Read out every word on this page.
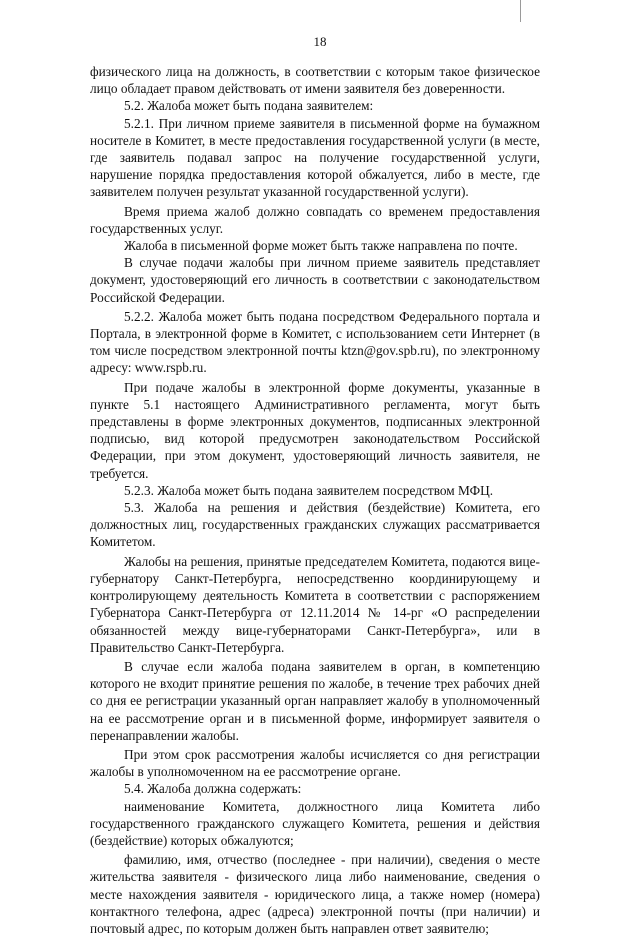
18

физического лица на должность, в соответствии с которым такое физическое лицо обладает правом действовать от имени заявителя без доверенности.

5.2. Жалоба может быть подана заявителем:

5.2.1. При личном приеме заявителя в письменной форме на бумажном носителе в Комитет, в месте предоставления государственной услуги (в месте, где заявитель подавал запрос на получение государственной услуги, нарушение порядка предоставления которой обжалуется, либо в месте, где заявителем получен результат указанной государственной услуги).

Время приема жалоб должно совпадать со временем предоставления государственных услуг.

Жалоба в письменной форме может быть также направлена по почте.

В случае подачи жалобы при личном приеме заявитель представляет документ, удостоверяющий его личность в соответствии с законодательством Российской Федерации.

5.2.2. Жалоба может быть подана посредством Федерального портала и Портала, в электронной форме в Комитет, с использованием сети Интернет (в том числе посредством электронной почты ktzn@gov.spb.ru), по электронному адресу: www.rspb.ru.

При подаче жалобы в электронной форме документы, указанные в пункте 5.1 настоящего Административного регламента, могут быть представлены в форме электронных документов, подписанных электронной подписью, вид которой предусмотрен законодательством Российской Федерации, при этом документ, удостоверяющий личность заявителя, не требуется.

5.2.3. Жалоба может быть подана заявителем посредством МФЦ.

5.3. Жалоба на решения и действия (бездействие) Комитета, его должностных лиц, государственных гражданских служащих рассматривается Комитетом.

Жалобы на решения, принятые председателем Комитета, подаются вице-губернатору Санкт-Петербурга, непосредственно координирующему и контролирующему деятельность Комитета в соответствии с распоряжением Губернатора Санкт-Петербурга от 12.11.2014 № 14-рг «О распределении обязанностей между вице-губернаторами Санкт-Петербурга», или в Правительство Санкт-Петербурга.

В случае если жалоба подана заявителем в орган, в компетенцию которого не входит принятие решения по жалобе, в течение трех рабочих дней со дня ее регистрации указанный орган направляет жалобу в уполномоченный на ее рассмотрение орган и в письменной форме, информирует заявителя о перенаправлении жалобы.

При этом срок рассмотрения жалобы исчисляется со дня регистрации жалобы в уполномоченном на ее рассмотрение органе.

5.4. Жалоба должна содержать:

наименование Комитета, должностного лица Комитета либо государственного гражданского служащего Комитета, решения и действия (бездействие) которых обжалуются;

фамилию, имя, отчество (последнее - при наличии), сведения о месте жительства заявителя - физического лица либо наименование, сведения о месте нахождения заявителя - юридического лица, а также номер (номера) контактного телефона, адрес (адреса) электронной почты (при наличии) и почтовый адрес, по которым должен быть направлен ответ заявителю;
